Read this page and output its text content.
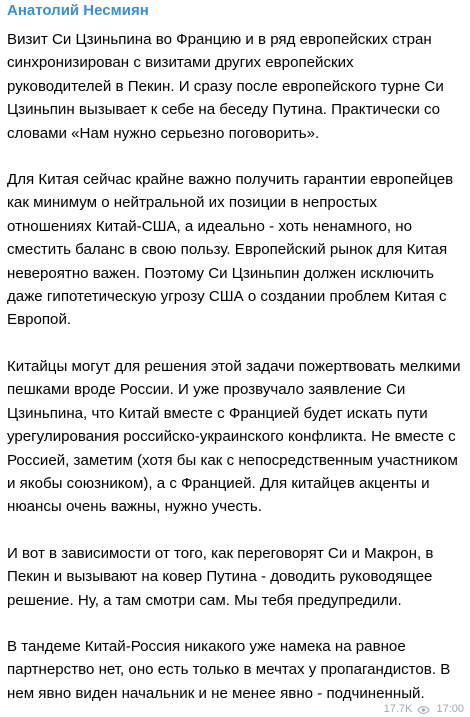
Анатолий Несмиян

Визит Си Цзиньпина во Францию и в ряд европейских стран синхронизирован с визитами других европейских руководителей в Пекин. И сразу после европейского турне Си Цзиньпин вызывает к себе на беседу Путина. Практически со словами «Нам нужно серьезно поговорить».

Для Китая сейчас крайне важно получить гарантии европейцев как минимум о нейтральной их позиции в непростых отношениях Китай-США, а идеально - хоть ненамного, но сместить баланс в свою пользу. Европейский рынок для Китая невероятно важен. Поэтому Си Цзиньпин должен исключить даже гипотетическую угрозу США о создании проблем Китая с Европой.

Китайцы могут для решения этой задачи пожертвовать мелкими пешками вроде России. И уже прозвучало заявление Си Цзиньпина, что Китай вместе с Францией будет искать пути урегулирования российско-украинского конфликта. Не вместе с Россией, заметим (хотя бы как с непосредственным участником и якобы союзником), а с Францией. Для китайцев акценты и нюансы очень важны, нужно учесть.

И вот в зависимости от того, как переговорят Си и Макрон, в Пекин и вызывают на ковер Путина - доводить руководящее решение. Ну, а там смотри сам. Мы тебя предупредили.

В тандеме Китай-Россия никакого уже намека на равное партнерство нет, оно есть только в мечтах у пропагандистов. В нем явно виден начальник и не менее явно - подчиненный.

17.7K 17:00
